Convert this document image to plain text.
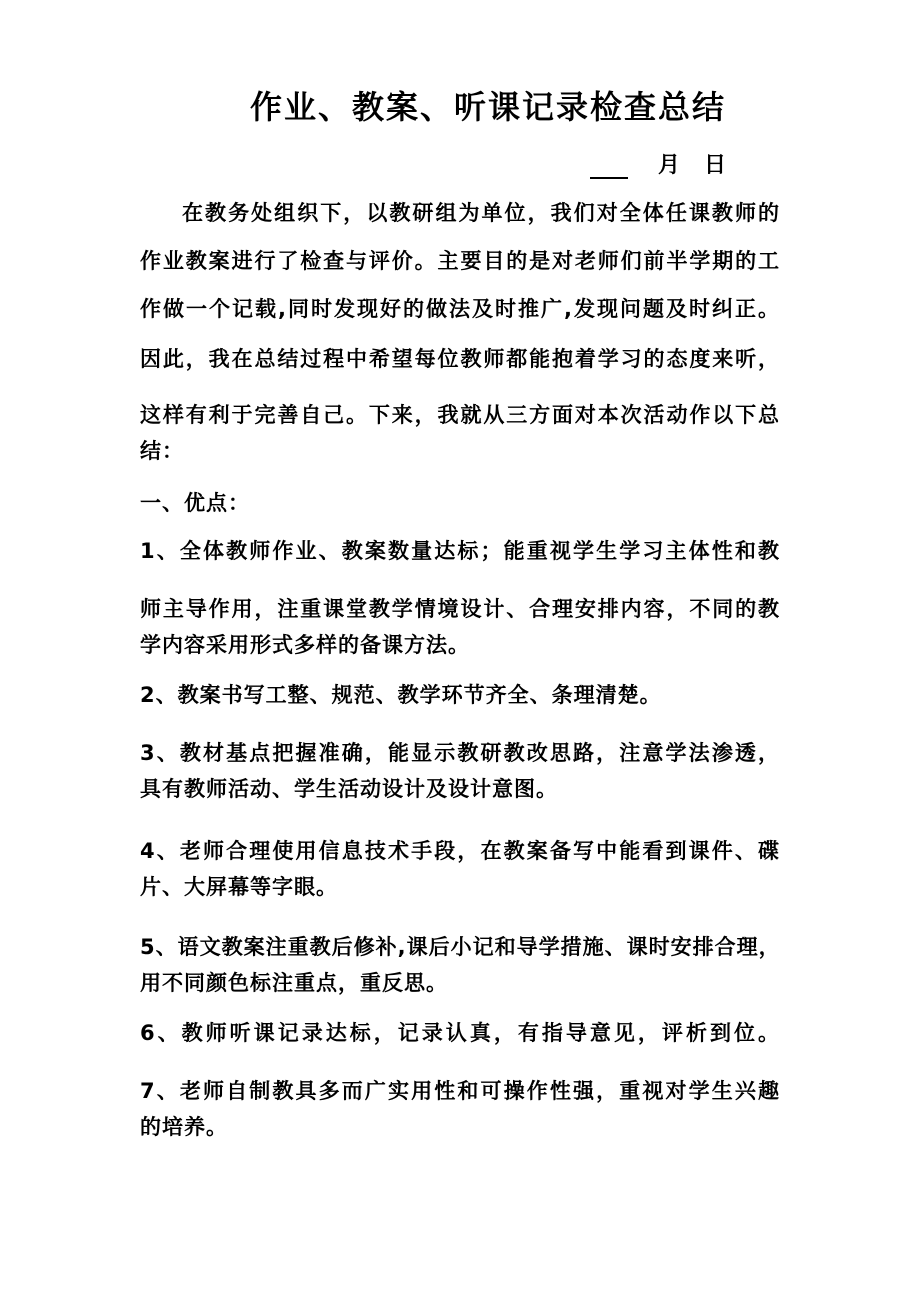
作业、教案、听课记录检查总结
月 日
在教务处组织下，以教研组为单位，我们对全体任课教师的
作业教案进行了检查与评价。主要目的是对老师们前半学期的工
作做一个记载,同时发现好的做法及时推广,发现问题及时纠正。
因此，我在总结过程中希望每位教师都能抱着学习的态度来听，
这样有利于完善自己。下来，我就从三方面对本次活动作以下总
结：
一、优点：
1、全体教师作业、教案数量达标；能重视学生学习主体性和教
师主导作用，注重课堂教学情境设计、合理安排内容，不同的教
学内容采用形式多样的备课方法。
2、教案书写工整、规范、教学环节齐全、条理清楚。
3、教材基点把握准确，能显示教研教改思路，注意学法渗透，
具有教师活动、学生活动设计及设计意图。
4、老师合理使用信息技术手段，在教案备写中能看到课件、碟
片、大屏幕等字眼。
5、语文教案注重教后修补,课后小记和导学措施、课时安排合理，
用不同颜色标注重点，重反思。
6、教师听课记录达标，记录认真，有指导意见，评析到位。
7、老师自制教具多而广实用性和可操作性强，重视对学生兴趣
的培养。
